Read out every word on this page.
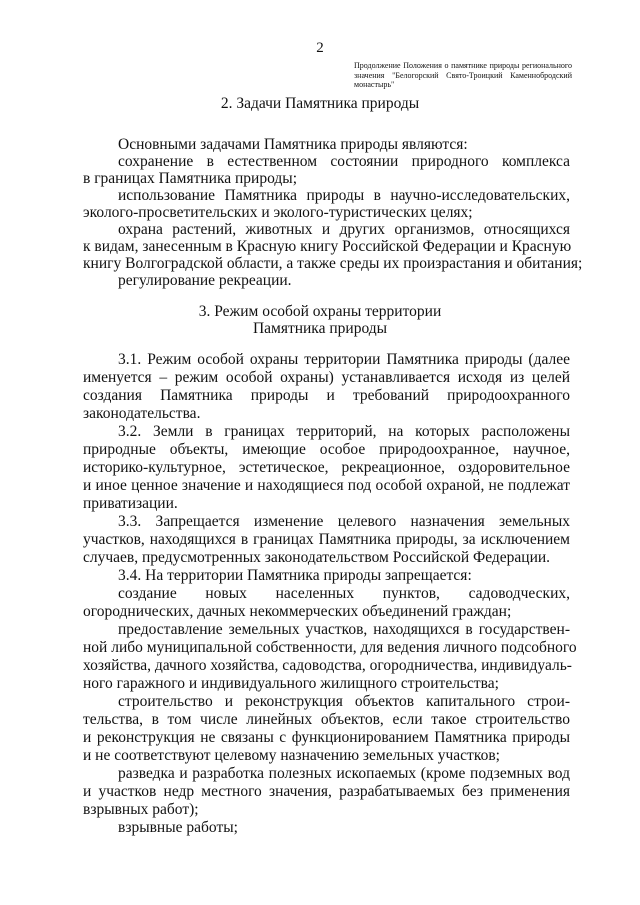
2
Продолжение Положения о памятнике природы регионального значения "Белогорский Свято-Троицкий Каменнобродский монастырь"
2. Задачи Памятника природы
Основными задачами Памятника природы являются:
сохранение в естественном состоянии природного комплекса
в границах Памятника природы;
использование Памятника природы в научно-исследовательских,
эколого-просветительских и эколого-туристических целях;
охрана растений, животных и других организмов, относящихся
к видам, занесенным в Красную книгу Российской Федерации и Красную
книгу Волгоградской области, а также среды их произрастания и обитания;
регулирование рекреации.
3. Режим особой охраны территории
Памятника природы
3.1. Режим особой охраны территории Памятника природы (далее
именуется – режим особой охраны) устанавливается исходя из целей
создания Памятника природы и требований природоохранного
законодательства.
3.2. Земли в границах территорий, на которых расположены
природные объекты, имеющие особое природоохранное, научное,
историко-культурное, эстетическое, рекреационное, оздоровительное
и иное ценное значение и находящиеся под особой охраной, не подлежат
приватизации.
3.3. Запрещается изменение целевого назначения земельных
участков, находящихся в границах Памятника природы, за исключением
случаев, предусмотренных законодательством Российской Федерации.
3.4. На территории Памятника природы запрещается:
создание новых населенных пунктов, садоводческих,
огороднических, дачных некоммерческих объединений граждан;
предоставление земельных участков, находящихся в государствен-
ной либо муниципальной собственности, для ведения личного подсобного
хозяйства, дачного хозяйства, садоводства, огородничества, индивидуаль-
ного гаражного и индивидуального жилищного строительства;
строительство и реконструкция объектов капитального строи-
тельства, в том числе линейных объектов, если такое строительство
и реконструкция не связаны с функционированием Памятника природы
и не соответствуют целевому назначению земельных участков;
разведка и разработка полезных ископаемых (кроме подземных вод
и участков недр местного значения, разрабатываемых без применения
взрывных работ);
взрывные работы;
